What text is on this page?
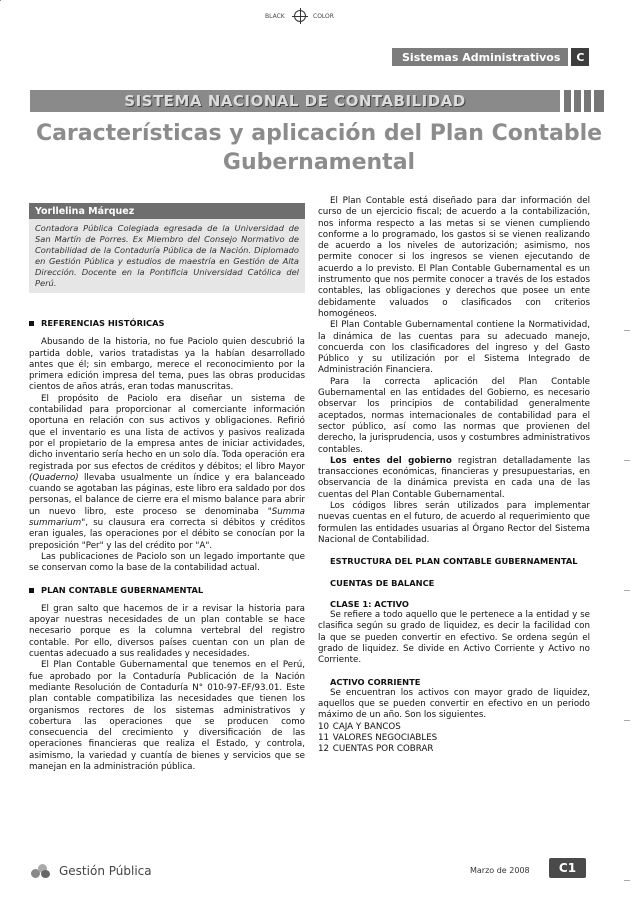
BLACK	COLOR
Sistemas Administrativos	C
SISTEMA NACIONAL DE CONTABILIDAD
Características y aplicación del Plan Contable
Gubernamental
Yorllelina Márquez
Contadora Pública Colegiada egresada de la Universidad de San Martín de Porres. Ex Miembro del Consejo Normativo de Contabilidad de la Contaduría Pública de la Nación. Diplomado en Gestión Pública y estudios de maestría en Gestión de Alta Dirección. Docente en la Pontificia Universidad Católica del Perú.
REFERENCIAS HISTÓRICAS

Abusando de la historia, no fue Paciolo quien descubrió la partida doble, varios tratadistas ya la habían desarrollado antes que él; sin embargo, merece el reconocimiento por la primera edición impresa del tema, pues las obras producidas cientos de años atrás, eran todas manuscritas.

El propósito de Paciolo era diseñar un sistema de contabilidad para proporcionar al comerciante información oportuna en relación con sus activos y obligaciones. Refirió que el inventario es una lista de activos y pasivos realizada por el propietario de la empresa antes de iniciar actividades, dicho inventario sería hecho en un solo día. Toda operación era registrada por sus efectos de créditos y débitos; el libro Mayor (Quaderno) llevaba usualmente un índice y era balanceado cuando se agotaban las páginas, este libro era saldado por dos personas, el balance de cierre era el mismo balance para abrir un nuevo libro, este proceso se denominaba "Summa summarium", su clausura era correcta si débitos y créditos eran iguales, las operaciones por el débito se conocían por la preposición "Per" y las del crédito por "A".

Las publicaciones de Paciolo son un legado importante que se conservan como la base de la contabilidad actual.

PLAN CONTABLE GUBERNAMENTAL

El gran salto que hacemos de ir a revisar la historia para apoyar nuestras necesidades de un plan contable se hace necesario porque es la columna vertebral del registro contable. Por ello, diversos países cuentan con un plan de cuentas adecuado a sus realidades y necesidades.

El Plan Contable Gubernamental que tenemos en el Perú, fue aprobado por la Contaduría Publicación de la Nación mediante Resolución de Contaduría N° 010-97-EF/93.01. Este plan contable compatibiliza las necesidades que tienen los organismos rectores de los sistemas administrativos y cobertura las operaciones que se producen como consecuencia del crecimiento y diversificación de las operaciones financieras que realiza el Estado, y controla, asimismo, la variedad y cuantía de bienes y servicios que se manejan en la administración pública.

El Plan Contable está diseñado para dar información del curso de un ejercicio fiscal; de acuerdo a la contabilización, nos informa respecto a las metas si se vienen cumpliendo conforme a lo programado, los gastos si se vienen realizando de acuerdo a los niveles de autorización; asimismo, nos permite conocer si los ingresos se vienen ejecutando de acuerdo a lo previsto. El Plan Contable Gubernamental es un instrumento que nos permite conocer a través de los estados contables, las obligaciones y derechos que posee un ente debidamente valuados o clasificados con criterios homogéneos.

El Plan Contable Gubernamental contiene la Normatividad, la dinámica de las cuentas para su adecuado manejo, concuerda con los clasificadores del ingreso y del Gasto Público y su utilización por el Sistema Integrado de Administración Financiera.

Para la correcta aplicación del Plan Contable Gubernamental en las entidades del Gobierno, es necesario observar los principios de contabilidad generalmente aceptados, normas internacionales de contabilidad para el sector público, así como las normas que provienen del derecho, la jurisprudencia, usos y costumbres administrativos contables.

Los entes del gobierno registran detalladamente las transacciones económicas, financieras y presupuestarias, en observancia de la dinámica prevista en cada una de las cuentas del Plan Contable Gubernamental.

Los códigos libres serán utilizados para implementar nuevas cuentas en el futuro, de acuerdo al requerimiento que formulen las entidades usuarias al Órgano Rector del Sistema Nacional de Contabilidad.

ESTRUCTURA DEL PLAN CONTABLE GUBERNAMENTAL
CUENTAS DE BALANCE
CLASE 1: ACTIVO

Se refiere a todo aquello que le pertenece a la entidad y se clasifica según su grado de liquidez, es decir la facilidad con la que se pueden convertir en efectivo. Se ordena según el grado de liquidez. Se divide en Activo Corriente y Activo no Corriente.

ACTIVO CORRIENTE

Se encuentran los activos con mayor grado de liquidez, aquellos que se pueden convertir en efectivo en un periodo máximo de un año. Son los siguientes.

10 CAJA Y BANCOS
11 VALORES NEGOCIABLES
12 CUENTAS POR COBRAR
Gestión Pública	Marzo de 2008	C1
